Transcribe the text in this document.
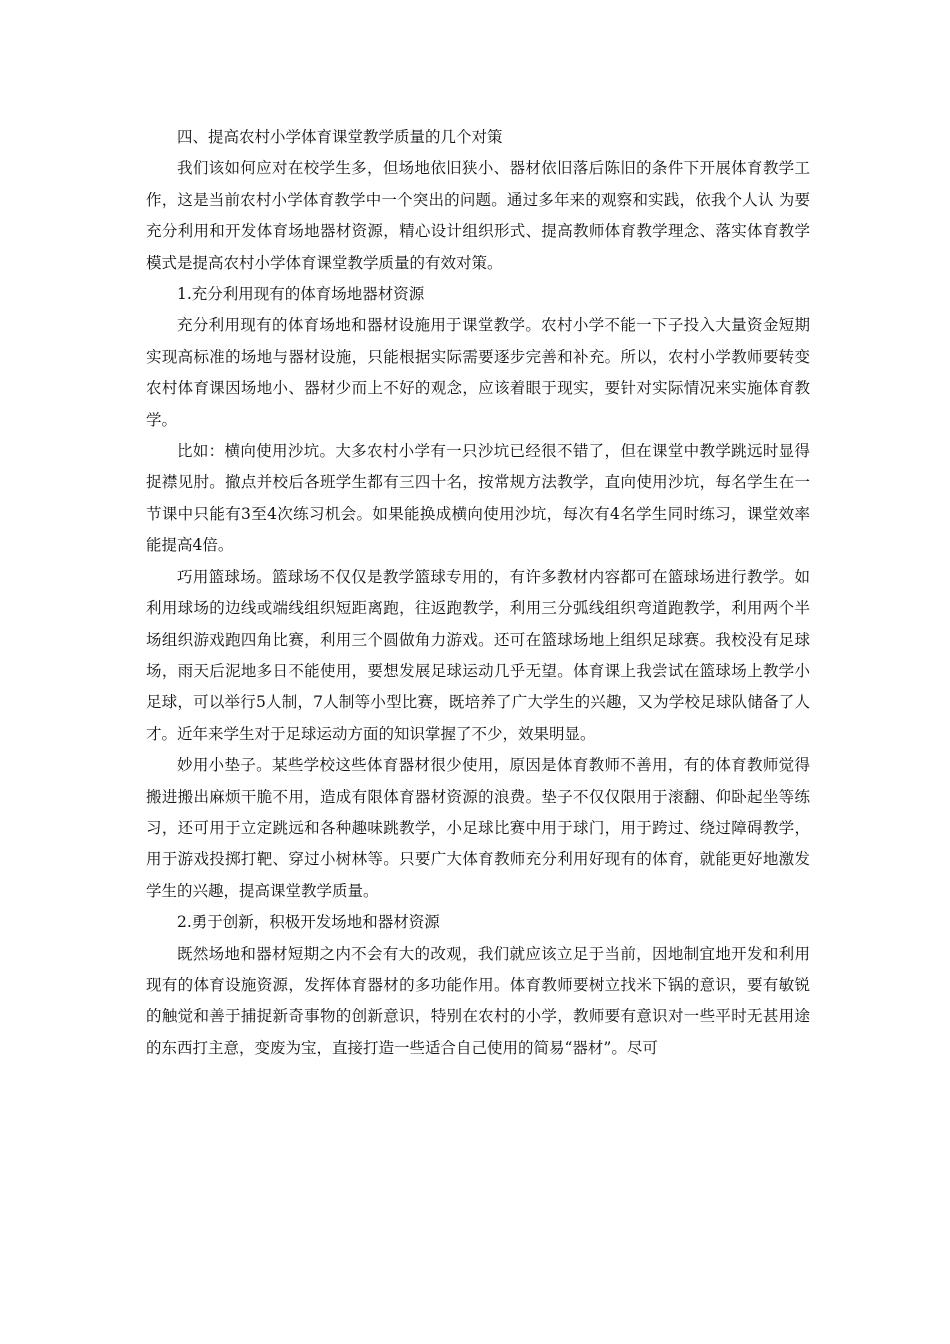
四、提高农村小学体育课堂教学质量的几个对策

我们该如何应对在校学生多，但场地依旧狭小、器材依旧落后陈旧的条件下开展体育教学工作，这是当前农村小学体育教学中一个突出的问题。通过多年来的观察和实践，依我个人认 为要充分利用和开发体育场地器材资源，精心设计组织形式、提高教师体育教学理念、落实体育教学模式是提高农村小学体育课堂教学质量的有效对策。

1.充分利用现有的体育场地器材资源

充分利用现有的体育场地和器材设施用于课堂教学。农村小学不能一下子投入大量资金短期实现高标准的场地与器材设施，只能根据实际需要逐步完善和补充。所以，农村小学教师要转变农村体育课因场地小、器材少而上不好的观念，应该着眼于现实，要针对实际情况来实施体育教学。

比如：横向使用沙坑。大多农村小学有一只沙坑已经很不错了，但在课堂中教学跳远时显得捉襟见肘。撤点并校后各班学生都有三四十名，按常规方法教学，直向使用沙坑，每名学生在一节课中只能有3至4次练习机会。如果能换成横向使用沙坑，每次有4名学生同时练习，课堂效率能提高4倍。

巧用篮球场。篮球场不仅仅是教学篮球专用的，有许多教材内容都可在篮球场进行教学。如利用球场的边线或端线组织短距离跑，往返跑教学，利用三分弧线组织弯道跑教学，利用两个半场组织游戏跑四角比赛，利用三个圆做角力游戏。还可在篮球场地上组织足球赛。我校没有足球场，雨天后泥地多日不能使用，要想发展足球运动几乎无望。体育课上我尝试在篮球场上教学小足球，可以举行5人制，7人制等小型比赛，既培养了广大学生的兴趣，又为学校足球队储备了人才。近年来学生对于足球运动方面的知识掌握了不少，效果明显。

妙用小垫子。某些学校这些体育器材很少使用，原因是体育教师不善用，有的体育教师觉得搬进搬出麻烦干脆不用，造成有限体育器材资源的浪费。垫子不仅仅限用于滚翻、仰卧起坐等练习，还可用于立定跳远和各种趣味跳教学，小足球比赛中用于球门，用于跨过、绕过障碍教学，用于游戏投掷打靶、穿过小树林等。只要广大体育教师充分利用好现有的体育，就能更好地激发学生的兴趣，提高课堂教学质量。

2.勇于创新，积极开发场地和器材资源

既然场地和器材短期之内不会有大的改观，我们就应该立足于当前，因地制宜地开发和利用现有的体育设施资源，发挥体育器材的多功能作用。体育教师要树立找米下锅的意识，要有敏锐的触觉和善于捕捉新奇事物的创新意识，特别在农村的小学，教师要有意识对一些平时无甚用途的东西打主意，变废为宝，直接打造一些适合自己使用的简易“器材”。尽可
